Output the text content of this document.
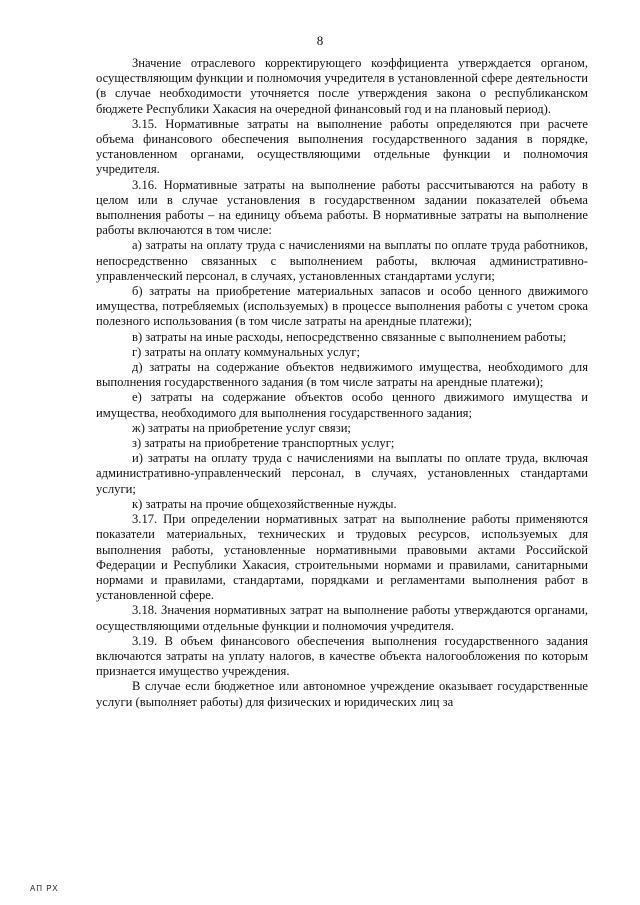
8

Значение отраслевого корректирующего коэффициента утверждается органом, осуществляющим функции и полномочия учредителя в установленной сфере деятельности (в случае необходимости уточняется после утверждения закона о республиканском бюджете Республики Хакасия на очередной финансовый год и на плановый период).

3.15. Нормативные затраты на выполнение работы определяются при расчете объема финансового обеспечения выполнения государственного задания в порядке, установленном органами, осуществляющими отдельные функции и полномочия учредителя.

3.16. Нормативные затраты на выполнение работы рассчитываются на работу в целом или в случае установления в государственном задании показателей объема выполнения работы – на единицу объема работы. В нормативные затраты на выполнение работы включаются в том числе:

а) затраты на оплату труда с начислениями на выплаты по оплате труда работников, непосредственно связанных с выполнением работы, включая административно-управленческий персонал, в случаях, установленных стандартами услуги;

б) затраты на приобретение материальных запасов и особо ценного движимого имущества, потребляемых (используемых) в процессе выполнения работы с учетом срока полезного использования (в том числе затраты на арендные платежи);

в) затраты на иные расходы, непосредственно связанные с выполнением работы;

г) затраты на оплату коммунальных услуг;

д) затраты на содержание объектов недвижимого имущества, необходимого для выполнения государственного задания (в том числе затраты на арендные платежи);

е) затраты на содержание объектов особо ценного движимого имущества и имущества, необходимого для выполнения государственного задания;

ж) затраты на приобретение услуг связи;

з) затраты на приобретение транспортных услуг;

и) затраты на оплату труда с начислениями на выплаты по оплате труда, включая административно-управленческий персонал, в случаях, установленных стандартами услуги;

к) затраты на прочие общехозяйственные нужды.

3.17. При определении нормативных затрат на выполнение работы применяются показатели материальных, технических и трудовых ресурсов, используемых для выполнения работы, установленные нормативными правовыми актами Российской Федерации и Республики Хакасия, строительными нормами и правилами, санитарными нормами и правилами, стандартами, порядками и регламентами выполнения работ в установленной сфере.

3.18. Значения нормативных затрат на выполнение работы утверждаются органами, осуществляющими отдельные функции и полномочия учредителя.

3.19. В объем финансового обеспечения выполнения государственного задания включаются затраты на уплату налогов, в качестве объекта налогообложения по которым признается имущество учреждения.

В случае если бюджетное или автономное учреждение оказывает государственные услуги (выполняет работы) для физических и юридических лиц за

АП РХ
